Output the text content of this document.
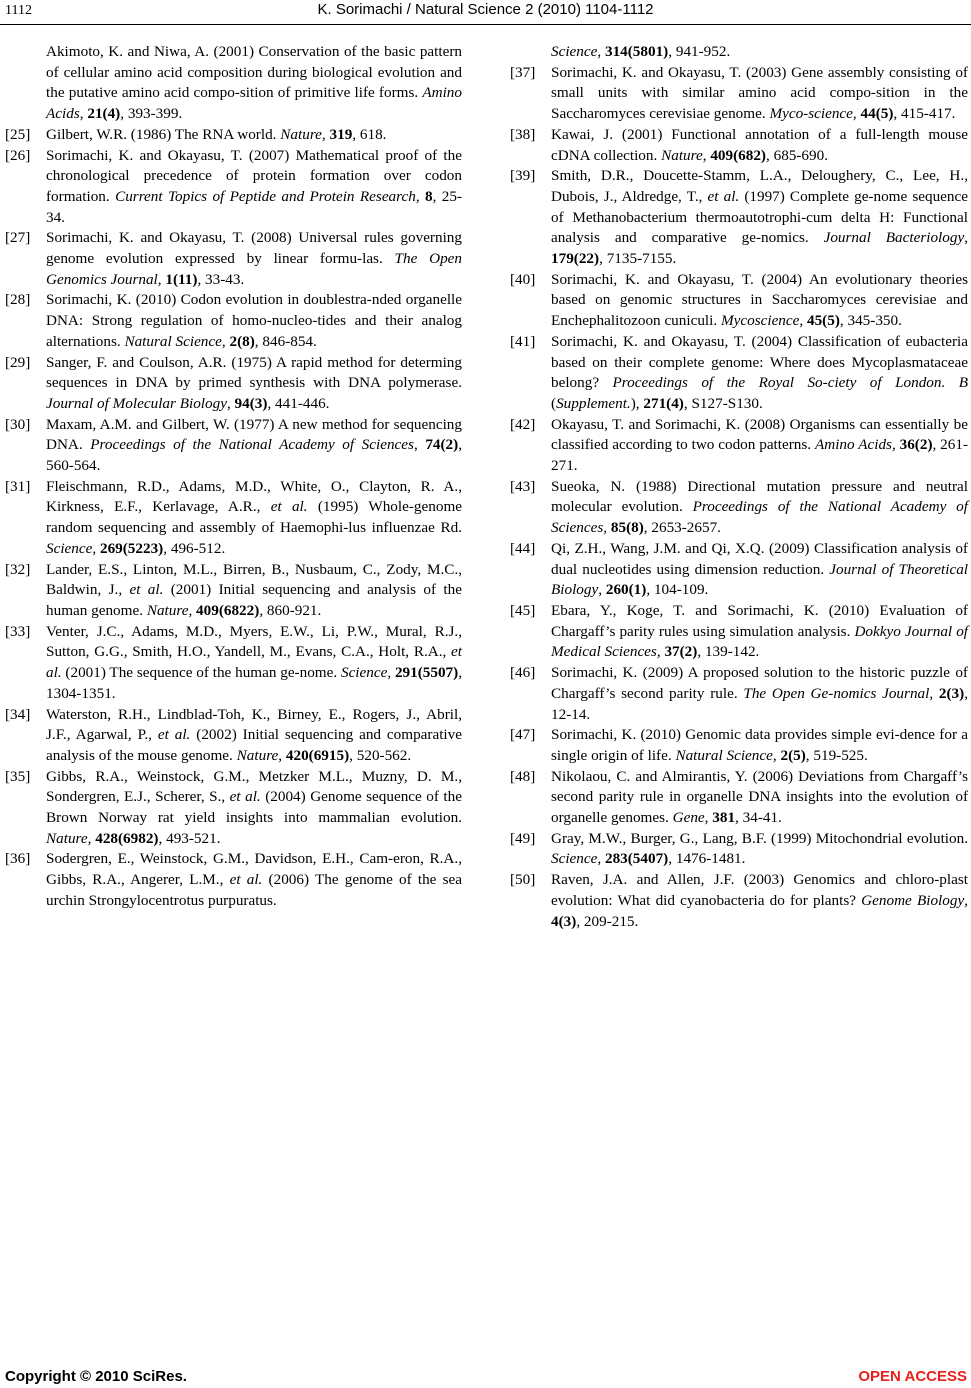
1112	K. Sorimachi / Natural Science 2 (2010) 1104-1112
Akimoto, K. and Niwa, A. (2001) Conservation of the basic pattern of cellular amino acid composition during biological evolution and the putative amino acid compo-sition of primitive life forms. Amino Acids, 21(4), 393-399.
[25] Gilbert, W.R. (1986) The RNA world. Nature, 319, 618.
[26] Sorimachi, K. and Okayasu, T. (2007) Mathematical proof of the chronological precedence of protein formation over codon formation. Current Topics of Peptide and Protein Research, 8, 25-34.
[27] Sorimachi, K. and Okayasu, T. (2008) Universal rules governing genome evolution expressed by linear formu-las. The Open Genomics Journal, 1(11), 33-43.
[28] Sorimachi, K. (2010) Codon evolution in doublestra-nded organelle DNA: Strong regulation of homo-nucleo-tides and their analog alternations. Natural Science, 2(8), 846-854.
[29] Sanger, F. and Coulson, A.R. (1975) A rapid method for determing sequences in DNA by primed synthesis with DNA polymerase. Journal of Molecular Biology, 94(3), 441-446.
[30] Maxam, A.M. and Gilbert, W. (1977) A new method for sequencing DNA. Proceedings of the National Academy of Sciences, 74(2), 560-564.
[31] Fleischmann, R.D., Adams, M.D., White, O., Clayton, R. A., Kirkness, E.F., Kerlavage, A.R., et al. (1995) Whole-genome random sequencing and assembly of Haemophi-lus influenzae Rd. Science, 269(5223), 496-512.
[32] Lander, E.S., Linton, M.L., Birren, B., Nusbaum, C., Zody, M.C., Baldwin, J., et al. (2001) Initial sequencing and analysis of the human genome. Nature, 409(6822), 860-921.
[33] Venter, J.C., Adams, M.D., Myers, E.W., Li, P.W., Mural, R.J., Sutton, G.G., Smith, H.O., Yandell, M., Evans, C.A., Holt, R.A., et al. (2001) The sequence of the human ge-nome. Science, 291(5507), 1304-1351.
[34] Waterston, R.H., Lindblad-Toh, K., Birney, E., Rogers, J., Abril, J.F., Agarwal, P., et al. (2002) Initial sequencing and comparative analysis of the mouse genome. Nature, 420(6915), 520-562.
[35] Gibbs, R.A., Weinstock, G.M., Metzker M.L., Muzny, D. M., Sondergren, E.J., Scherer, S., et al. (2004) Genome sequence of the Brown Norway rat yield insights into mammalian evolution. Nature, 428(6982), 493-521.
[36] Sodergren, E., Weinstock, G.M., Davidson, E.H., Cam-eron, R.A., Gibbs, R.A., Angerer, L.M., et al. (2006) The genome of the sea urchin Strongylocentrotus purpuratus.
Science, 314(5801), 941-952.
[37] Sorimachi, K. and Okayasu, T. (2003) Gene assembly consisting of small units with similar amino acid compo-sition in the Saccharomyces cerevisiae genome. Myco-science, 44(5), 415-417.
[38] Kawai, J. (2001) Functional annotation of a full-length mouse cDNA collection. Nature, 409(682), 685-690.
[39] Smith, D.R., Doucette-Stamm, L.A., Deloughery, C., Lee, H., Dubois, J., Aldredge, T., et al. (1997) Complete ge-nome sequence of Methanobacterium thermoautotrophi-cum delta H: Functional analysis and comparative ge-nomics. Journal Bacteriology, 179(22), 7135-7155.
[40] Sorimachi, K. and Okayasu, T. (2004) An evolutionary theories based on genomic structures in Saccharomyces cerevisiae and Enchephalitozoon cuniculi. Mycoscience, 45(5), 345-350.
[41] Sorimachi, K. and Okayasu, T. (2004) Classification of eubacteria based on their complete genome: Where does Mycoplasmataceae belong? Proceedings of the Royal So-ciety of London. B (Supplement.), 271(4), S127-S130.
[42] Okayasu, T. and Sorimachi, K. (2008) Organisms can essentially be classified according to two codon patterns. Amino Acids, 36(2), 261-271.
[43] Sueoka, N. (1988) Directional mutation pressure and neutral molecular evolution. Proceedings of the National Academy of Sciences, 85(8), 2653-2657.
[44] Qi, Z.H., Wang, J.M. and Qi, X.Q. (2009) Classification analysis of dual nucleotides using dimension reduction. Journal of Theoretical Biology, 260(1), 104-109.
[45] Ebara, Y., Koge, T. and Sorimachi, K. (2010) Evaluation of Chargaff’s parity rules using simulation analysis. Dokkyo Journal of Medical Sciences, 37(2), 139-142.
[46] Sorimachi, K. (2009) A proposed solution to the historic puzzle of Chargaff’s second parity rule. The Open Ge-nomics Journal, 2(3), 12-14.
[47] Sorimachi, K. (2010) Genomic data provides simple evi-dence for a single origin of life. Natural Science, 2(5), 519-525.
[48] Nikolaou, C. and Almirantis, Y. (2006) Deviations from Chargaff’s second parity rule in organelle DNA insights into the evolution of organelle genomes. Gene, 381, 34-41.
[49] Gray, M.W., Burger, G., Lang, B.F. (1999) Mitochondrial evolution. Science, 283(5407), 1476-1481.
[50] Raven, J.A. and Allen, J.F. (2003) Genomics and chloro-plast evolution: What did cyanobacteria do for plants? Genome Biology, 4(3), 209-215.
Copyright © 2010 SciRes.	OPEN ACCESS
